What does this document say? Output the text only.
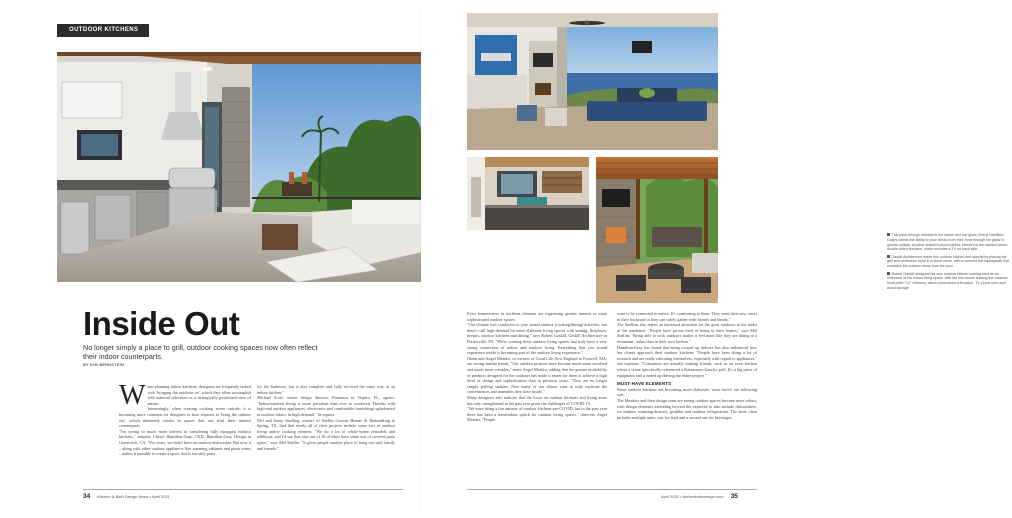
OUTDOOR KITCHENS
Inside Out
No longer simply a place to grill, outdoor cooking spaces now often reflect their indoor counterparts.
BY KIM BERNSTEIN

When planning indoor kitchens, designers are frequently tasked with 'bringing the outdoors in,' which they often accomplish with material selections or a strategically positioned view of nature.

Interestingly, when creating cooking zones outside, it is becoming more common for designers to hear requests to 'bring the indoors out,' which ultimately results in spaces that can rival their interior counterparts.

"I'm seeing so much more interest in completing fully equipped outdoor kitchens," remarks Cheryl Hamilton-Gray, CKD, Hamilton-Gray Design in Greenwich, CA. "For years, we didn't have an outdoor dishwasher. But now it – along with other outdoor appliances like warming cabinets and pizza ovens – makes it possible to create a space that is not only party

for the barbecue, but is also complete and fully serviced the same way as an indoor kitchen."

Michael Scott, senior design director, Romanza in Naples, FL, agrees: "Indoor/outdoor living is more prevalent than ever in southwest Florida, with high-end outdoor appliances, electronics and comfortable furnishings upholstered in outdoor fabrics in high demand," he reports.

Mel and Jenny Snelling, owners of Snellin Custom Homes & Remodeling in Spring, TX, find that nearly all of their projects include some sort of outdoor living and/or cooking element. "We do a lot of whole-home remodels and additions, and I'd say that nine out of 10 of them have some sort of covered patio space," says Mel Snellin. "It gives people another place to hang out with family and friends."

34 Kitchen & Bath Design News • April 2021

This pass-through window to the indoor and bar gives Cheryl Hamilton-Gray's clients the ability to pour drinks from their front through the glass to guests outside. Another shared indoor/outdoor element is the stacked stone, double-sided fireplace, which includes a TV on each side.

Gaskill Architecture made this outdoor kitchen feel special by placing the grill and ventilation hood in a stone niche, with a covered bar backsplash that emulates the outdoor views from the pool.

Robert Gaskill designed his own outdoor kitchen looking area as an extension of his indoor living space, with the two rooms sharing the massive focal point 7'x7' chimney, which showcases a fireplace, TV, pizza oven and wood storage.

Even homeowners in northern climates are expressing greater interest in more sophisticated outdoor spaces.

"Our climate isn't conducive to year 'round outdoor (cooking/dining) activities, but there's still high demand for more elaborate living spaces with seating, fireplaces, firepits, outdoor kitchens and dining," says Robert Gaskill, Gaskill Architecture in Pottersville, PA. "We're creating these outdoor living spaces that truly have a very strong connection of indoor and outdoor living. Everything that you would experience inside is becoming part of the outdoor living experience."

Glenn and Angel Meador, co-owners of Good Life New England in Foxwell, MA, are seeing similar trends. "Our outdoor projects have become much more involved and much more complex," notes Angel Meador, adding that the greater availability of products designed for the outdoors has made it easier for them to achieve a high level of design and sophistication than in previous years. "They are no longer simply grilling stations. Now many of our clients want to truly replicate the conveniences and amenities they have inside."

Many designers also indicate that the focus on outdoor kitchens and living areas has only strengthened in the past year given the challenges of COVID-19.

"We were doing a fair amount of outdoor kitchens pre-COVID, but in the past year there has been a tremendous uptick for outdoor living spaces," observes Angel Meador. "People

want to be connected to nature. It's comforting to them. They want their new resort in their backyard so they can safely gather with friends and family."

The Snellins also report an increased attraction for the great outdoors in the midst of the pandemic. "People have grown tired of being in their homes," says Mel Snellin. "Being able to cook outdoors makes it feel more like they are dining at a restaurant, rather than in their own kitchen."

Hamilton-Gray has found that being cooped up indoors has also influenced how her clients approach their outdoor kitchens. "People have been doing a lot of research and are really educating themselves, especially with regard to appliances," she explains. "Consumers are actually making friends, such as an oven kitchen where a client specifically referenced a Kalamazoo Gaucho grill. It's a big piece of equipment and it ended up driving the entire project."

MUST-HAVE ELEMENTS

Since outdoor kitchens are becoming more elaborate, 'must haves' are following suit.

The Meadors and their design team are seeing outdoor spaces become more robust, with design elements extending beyond the expected to also include dishwashers, ice makers, warming drawers, griddles and outdoor refrigeration. The latter often includes multiple units: one for food and a second one for beverages.

April 2021 • kitchenbathdesign.com 35
